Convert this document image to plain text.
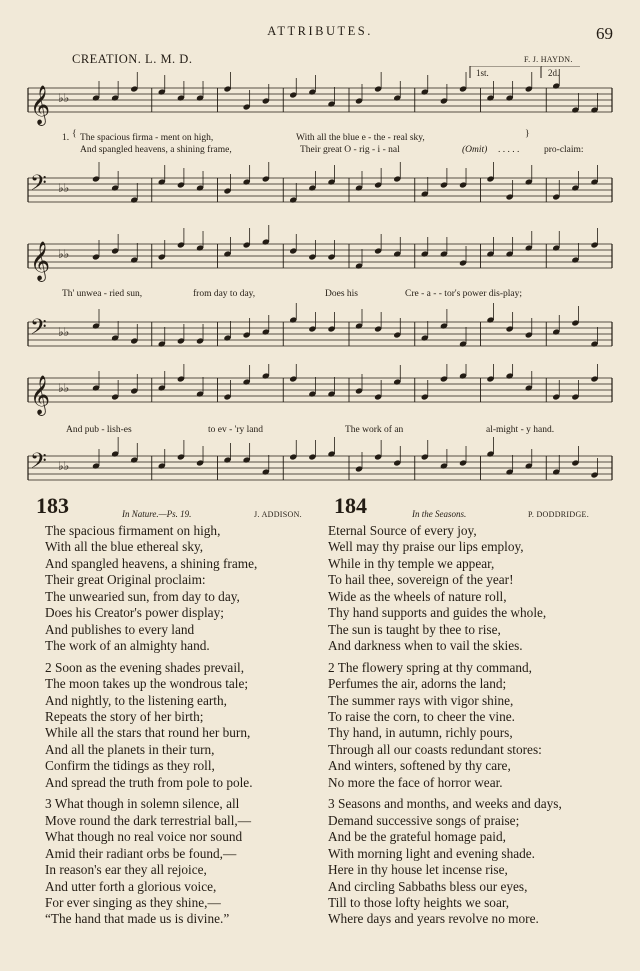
ATTRIBUTES.	69
CREATION. L. M. D.	F. J. HAYDN.
1st.	2d.
𝄞 ♭♭
𝄢 ♭♭
1. { The spacious firma - ment on high,	With all the blue e - the - real sky,
And spangled heavens, a shining frame,	Their great O - rig - i - nal	(Omit) . . . . .	pro-claim:
}
𝄞 ♭♭
𝄢 ♭♭
Th' unwea - ried sun,	from day to day,	Does his	Cre - a - - tor's power dis-play;
𝄞 ♭♭
𝄢 ♭♭
And pub - lish-es	to ev - 'ry land	The work of an	al-might - y hand.
183	In Nature.—Ps. 19.	J. ADDISON.
The spacious firmament on high,
With all the blue ethereal sky,
And spangled heavens, a shining frame,
Their great Original proclaim:
The unwearied sun, from day to day,
Does his Creator's power display;
And publishes to every land
The work of an almighty hand.
2 Soon as the evening shades prevail,
The moon takes up the wondrous tale;
And nightly, to the listening earth,
Repeats the story of her birth;
While all the stars that round her burn,
And all the planets in their turn,
Confirm the tidings as they roll,
And spread the truth from pole to pole.
3 What though in solemn silence, all
Move round the dark terrestrial ball,—
What though no real voice nor sound
Amid their radiant orbs be found,—
In reason's ear they all rejoice,
And utter forth a glorious voice,
For ever singing as they shine,—
“The hand that made us is divine.”
184	In the Seasons.	P. DODDRIDGE.
Eternal Source of every joy,
Well may thy praise our lips employ,
While in thy temple we appear,
To hail thee, sovereign of the year!
Wide as the wheels of nature roll,
Thy hand supports and guides the whole,
The sun is taught by thee to rise,
And darkness when to vail the skies.
2 The flowery spring at thy command,
Perfumes the air, adorns the land;
The summer rays with vigor shine,
To raise the corn, to cheer the vine.
Thy hand, in autumn, richly pours,
Through all our coasts redundant stores:
And winters, softened by thy care,
No more the face of horror wear.
3 Seasons and months, and weeks and days,
Demand successive songs of praise;
And be the grateful homage paid,
With morning light and evening shade.
Here in thy house let incense rise,
And circling Sabbaths bless our eyes,
Till to those lofty heights we soar,
Where days and years revolve no more.
